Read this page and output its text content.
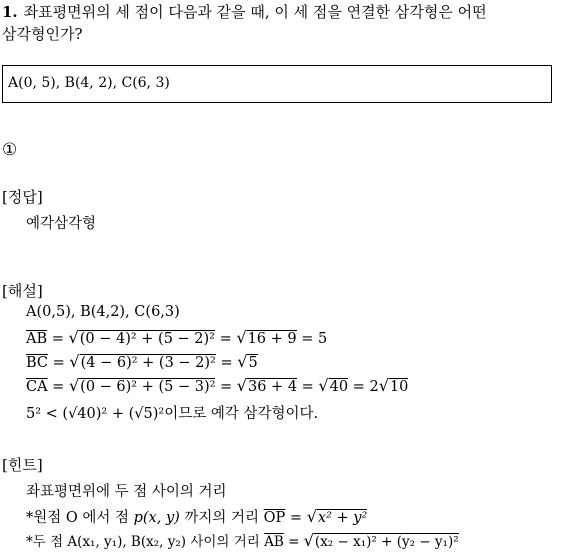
1. 좌표평면위의 세 점이 다음과 같을 때, 이 세 점을 연결한 삼각형은 어떤
삼각형인가?
A(0, 5), B(4, 2), C(6, 3)
①
[정답]
예각삼각형
[해설]
A(0,5), B(4,2), C(6,3)
$\overline{AB} = √(0 - 4)^2 + (5 - 2)^2 = √16 + 9 = 5$
$\overline{BC} = √(4 - 6)^2 + (3 - 2)^2 = √5$
$\overline{CA} = √(0 - 6)^2 + (5 - 3)^2 = √36 + 4 = √40 = 2√10$
5² < (√40)² + (√5)²이므로 예각 삼각형이다.
[힌트]
좌표평면위에 두 점 사이의 거리
*원점 O 에서 점 p(x, y) 까지의 거리 $\overline{OP} = √x^2 + y^2$
*두 점 A(x₁, y₁), B(x₂, y₂) 사이의 거리 $\overline{AB} = √(x_2 - x_1)^2 + (y_2 - y_1)^2$
